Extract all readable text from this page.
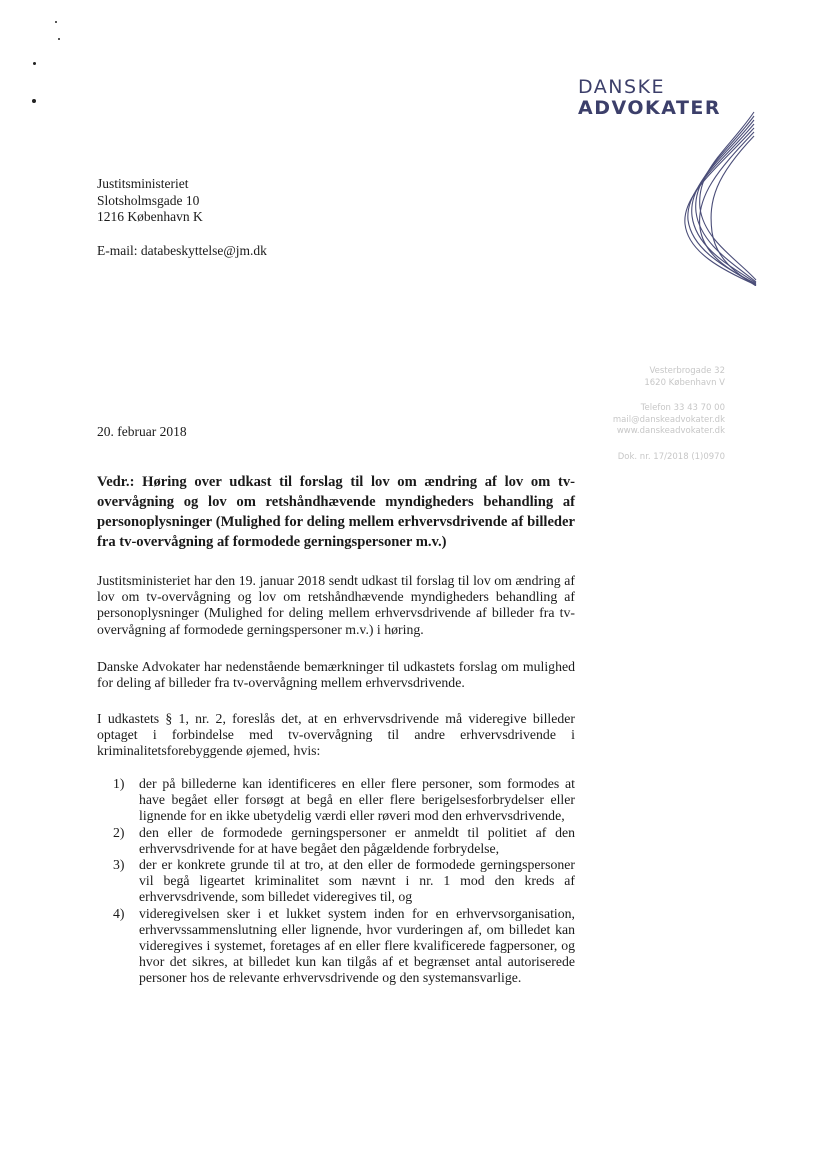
DANSKE
ADVOKATER
Justitsministeriet
Slotsholmsgade 10
1216 København K
E-mail: databeskyttelse@jm.dk
Vesterbrogade 32
1620 København V
Telefon 33 43 70 00
mail@danskeadvokater.dk
www.danskeadvokater.dk
Dok. nr. 17/2018 (1)0970
20. februar 2018
Vedr.: Høring over udkast til forslag til lov om ændring af lov om tv-overvågning og lov om retshåndhævende myndigheders behandling af personoplysninger (Mulighed for deling mellem erhvervsdrivende af billeder fra tv-overvågning af formodede gerningspersoner m.v.)

Justitsministeriet har den 19. januar 2018 sendt udkast til forslag til lov om ændring af lov om tv-overvågning og lov om retshåndhævende myndigheders behandling af personoplysninger (Mulighed for deling mellem erhvervsdrivende af billeder fra tv-overvågning af formodede gerningspersoner m.v.) i høring.

Danske Advokater har nedenstående bemærkninger til udkastets forslag om mulighed for deling af billeder fra tv-overvågning mellem erhvervsdrivende.

I udkastets § 1, nr. 2, foreslås det, at en erhvervsdrivende må videregive billeder optaget i forbindelse med tv-overvågning til andre erhvervsdrivende i kriminalitetsforebyggende øjemed, hvis:

1) der på billederne kan identificeres en eller flere personer, som formodes at have begået eller forsøgt at begå en eller flere berigelsesforbrydelser eller lignende for en ikke ubetydelig værdi eller røveri mod den erhvervsdrivende,
2) den eller de formodede gerningspersoner er anmeldt til politiet af den erhvervsdrivende for at have begået den pågældende forbrydelse,
3) der er konkrete grunde til at tro, at den eller de formodede gerningspersoner vil begå ligeartet kriminalitet som nævnt i nr. 1 mod den kreds af erhvervsdrivende, som billedet videregives til, og
4) videregivelsen sker i et lukket system inden for en erhvervsorganisation, erhvervssammenslutning eller lignende, hvor vurderingen af, om billedet kan videregives i systemet, foretages af en eller flere kvalificerede fagpersoner, og hvor det sikres, at billedet kun kan tilgås af et begrænset antal autoriserede personer hos de relevante erhvervsdrivende og den systemansvarlige.
